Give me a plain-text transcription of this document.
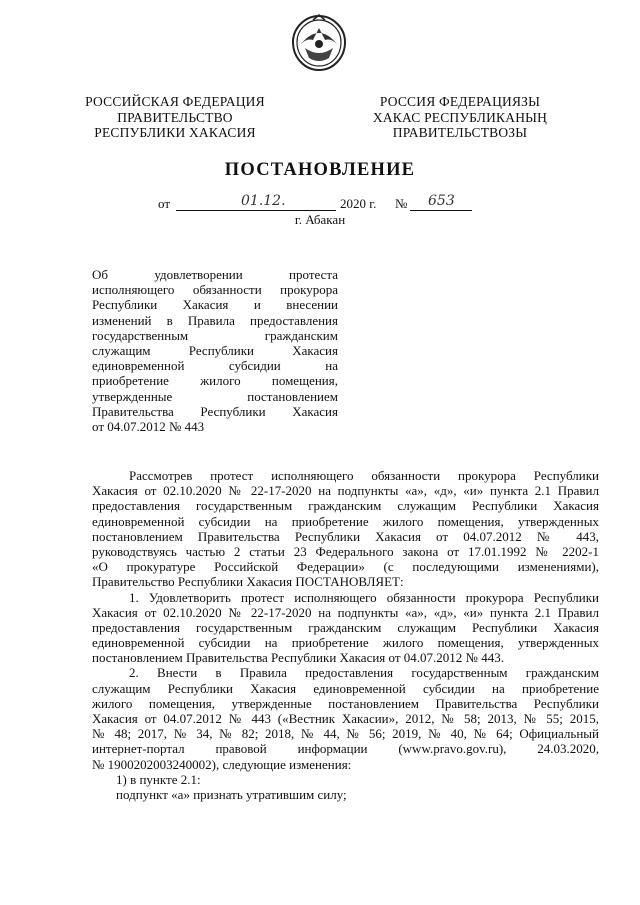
РОССИЙСКАЯ ФЕДЕРАЦИЯ
ПРАВИТЕЛЬСТВО
РЕСПУБЛИКИ ХАКАСИЯ
РОССИЯ ФЕДЕРАЦИЯЗЫ
ХАКАС РЕСПУБЛИКАНЫҢ
ПРАВИТЕЛЬСТВОЗЫ
ПОСТАНОВЛЕНИЕ
от	01.12.	2020 г. № 653
г. Абакан
Об удовлетворении протеста
исполняющего обязанности прокурора
Республики Хакасия и внесении
изменений в Правила предоставления
государственным гражданским
служащим Республики Хакасия
единовременной субсидии на
приобретение жилого помещения,
утвержденные постановлением
Правительства Республики Хакасия
от 04.07.2012 № 443
Рассмотрев протест исполняющего обязанности прокурора Республики
Хакасия от 02.10.2020 № 22-17-2020 на подпункты «а», «д», «и» пункта 2.1 Правил
предоставления государственным гражданским служащим Республики Хакасия
единовременной субсидии на приобретение жилого помещения, утвержденных
постановлением Правительства Республики Хакасия от 04.07.2012 № 443,
руководствуясь частью 2 статьи 23 Федерального закона от 17.01.1992 № 2202-1
«О прокуратуре Российской Федерации» (с последующими изменениями),
Правительство Республики Хакасия ПОСТАНОВЛЯЕТ:
1. Удовлетворить протест исполняющего обязанности прокурора Республики
Хакасия от 02.10.2020 № 22-17-2020 на подпункты «а», «д», «и» пункта 2.1 Правил
предоставления государственным гражданским служащим Республики Хакасия
единовременной субсидии на приобретение жилого помещения, утвержденных
постановлением Правительства Республики Хакасия от 04.07.2012 № 443.
2. Внести в Правила предоставления государственным гражданским
служащим Республики Хакасия единовременной субсидии на приобретение
жилого помещения, утвержденные постановлением Правительства Республики
Хакасия от 04.07.2012 № 443 («Вестник Хакасии», 2012, № 58; 2013, № 55; 2015,
№ 48; 2017, № 34, № 82; 2018, № 44, № 56; 2019, № 40, № 64; Официальный
интернет-портал правовой информации (www.pravo.gov.ru), 24.03.2020,
№ 1900202003240002), следующие изменения:
1) в пункте 2.1:
подпункт «а» признать утратившим силу;
